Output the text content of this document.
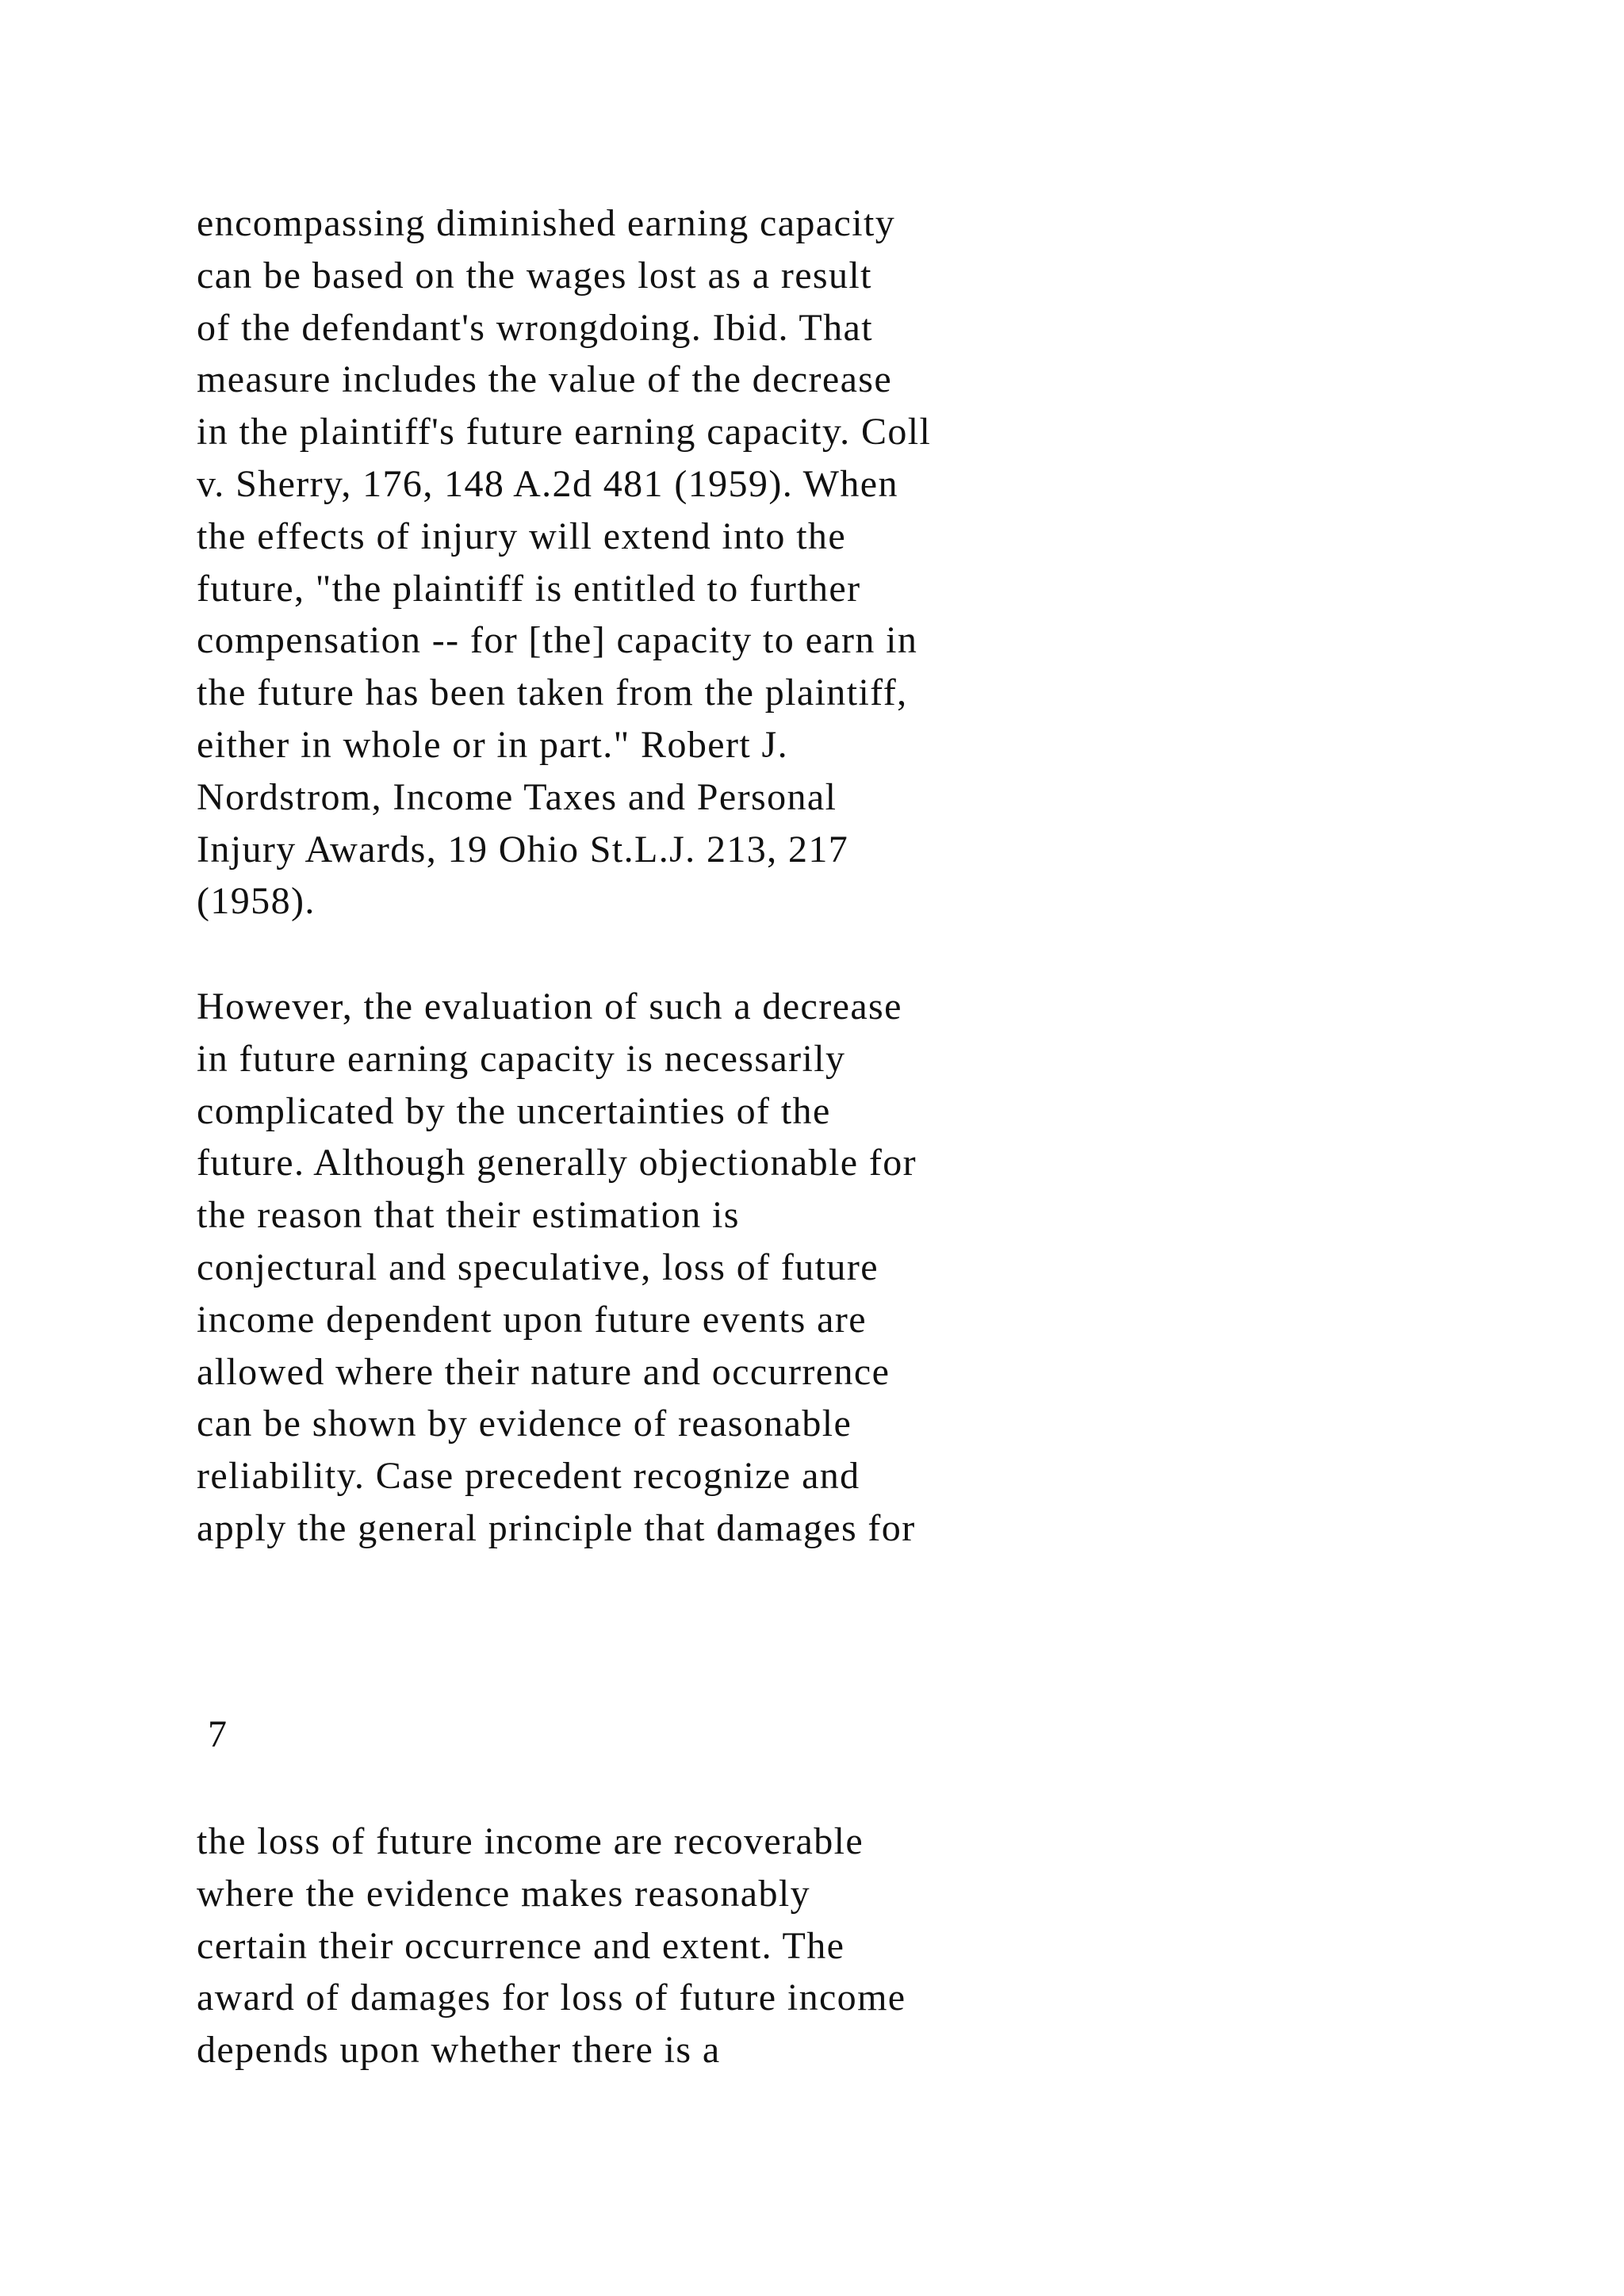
encompassing diminished earning capacity
can be based on the wages lost as a result
of the defendant's wrongdoing. Ibid. That
measure includes the value of the decrease
in the plaintiff's future earning capacity. Coll
v. Sherry, 176, 148 A.2d 481 (1959). When
the effects of injury will extend into the
future, "the plaintiff is entitled to further
compensation -- for [the] capacity to earn in
the future has been taken from the plaintiff,
either in whole or in part." Robert J.
Nordstrom, Income Taxes and Personal
Injury Awards, 19 Ohio St.L.J. 213, 217
(1958).
However, the evaluation of such a decrease
in future earning capacity is necessarily
complicated by the uncertainties of the
future. Although generally objectionable for
the reason that their estimation is
conjectural and speculative, loss of future
income dependent upon future events are
allowed where their nature and occurrence
can be shown by evidence of reasonable
reliability. Case precedent recognize and
apply the general principle that damages for
7
the loss of future income are recoverable
where the evidence makes reasonably
certain their occurrence and extent. The
award of damages for loss of future income
depends upon whether there is a
